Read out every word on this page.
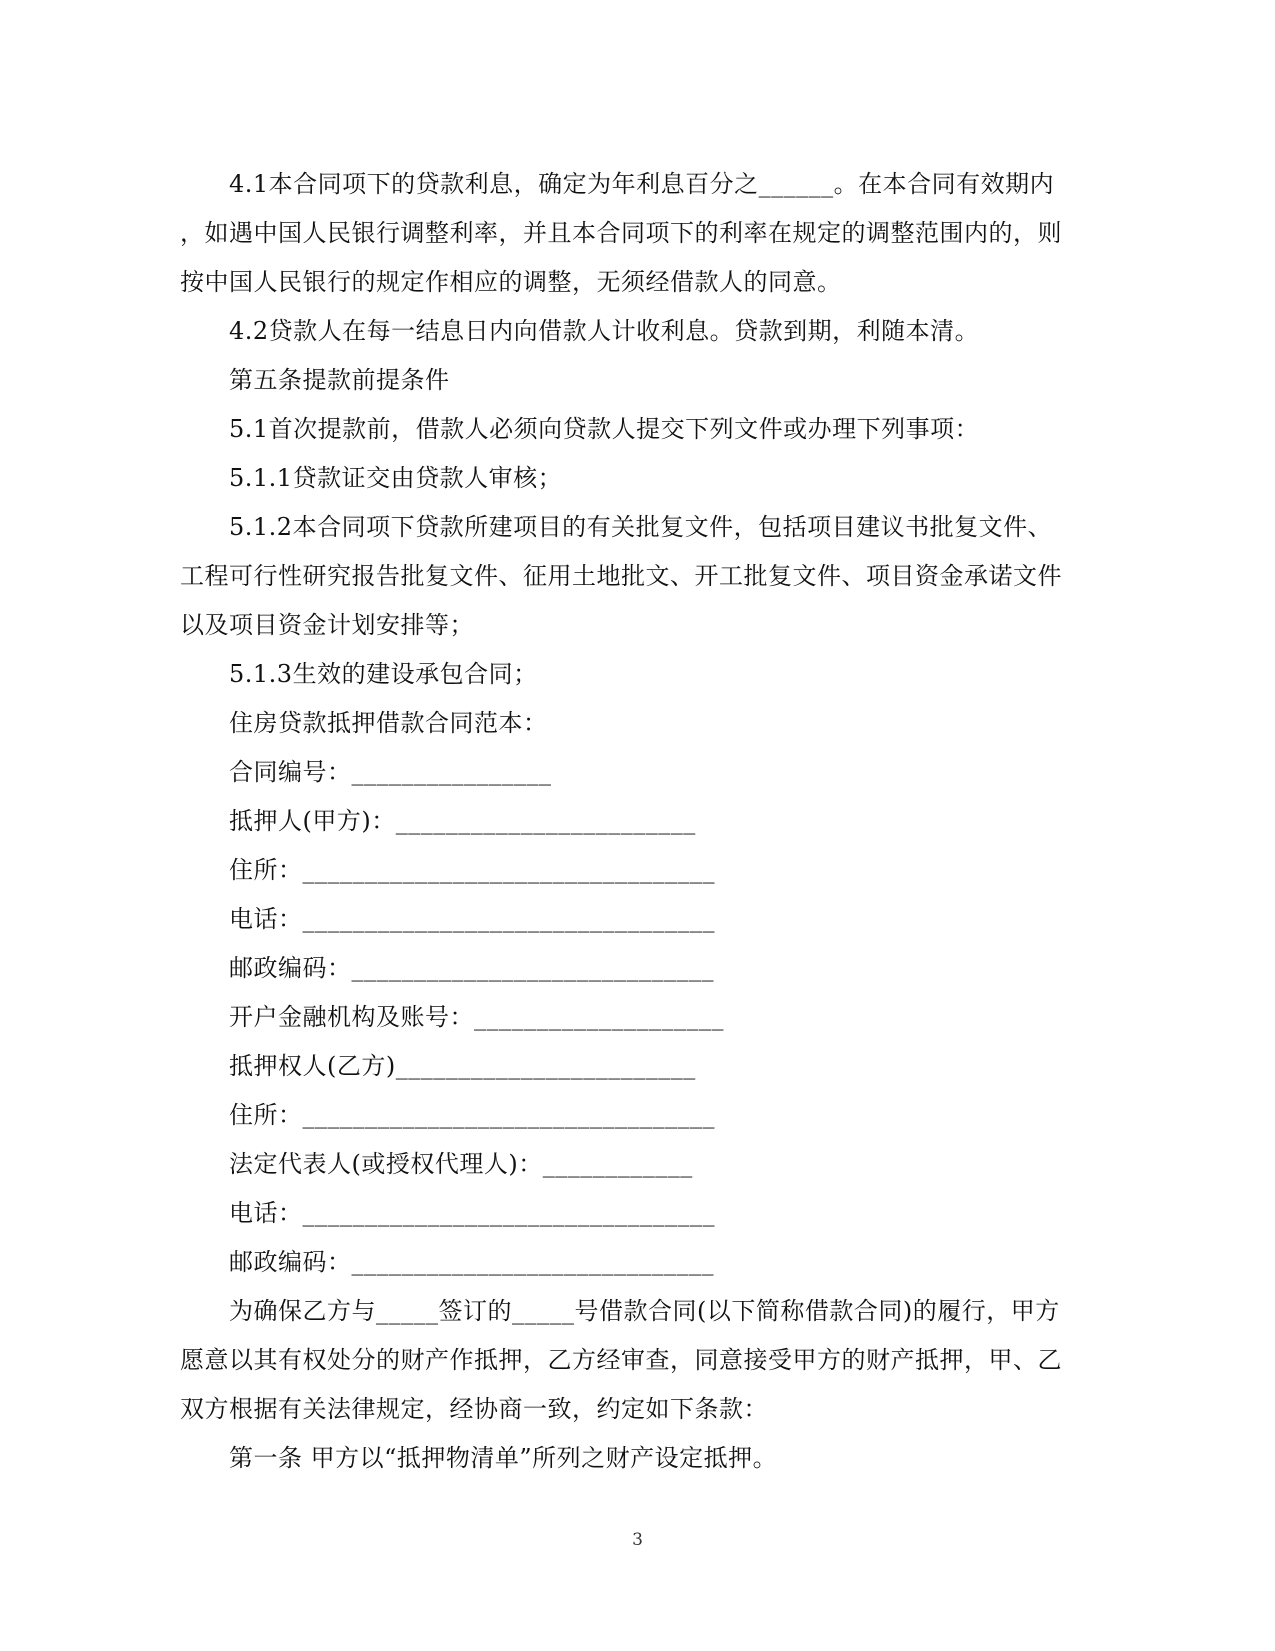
4.1本合同项下的贷款利息，确定为年利息百分之______。在本合同有效期内
，如遇中国人民银行调整利率，并且本合同项下的利率在规定的调整范围内的，则
按中国人民银行的规定作相应的调整，无须经借款人的同意。
4.2贷款人在每一结息日内向借款人计收利息。贷款到期，利随本清。
第五条提款前提条件
5.1首次提款前，借款人必须向贷款人提交下列文件或办理下列事项：
5.1.1贷款证交由贷款人审核；
5.1.2本合同项下贷款所建项目的有关批复文件，包括项目建议书批复文件、
工程可行性研究报告批复文件、征用土地批文、开工批复文件、项目资金承诺文件
以及项目资金计划安排等；
5.1.3生效的建设承包合同；
住房贷款抵押借款合同范本：
合同编号：________________
抵押人(甲方)：________________________
住所：_________________________________
电话：_________________________________
邮政编码：_____________________________
开户金融机构及账号：____________________
抵押权人(乙方)________________________
住所：_________________________________
法定代表人(或授权代理人)：____________
电话：_________________________________
邮政编码：_____________________________
为确保乙方与_____签订的_____号借款合同(以下简称借款合同)的履行，甲方
愿意以其有权处分的财产作抵押，乙方经审查，同意接受甲方的财产抵押，甲、乙
双方根据有关法律规定，经协商一致，约定如下条款：
第一条 甲方以“抵押物清单”所列之财产设定抵押。
3
